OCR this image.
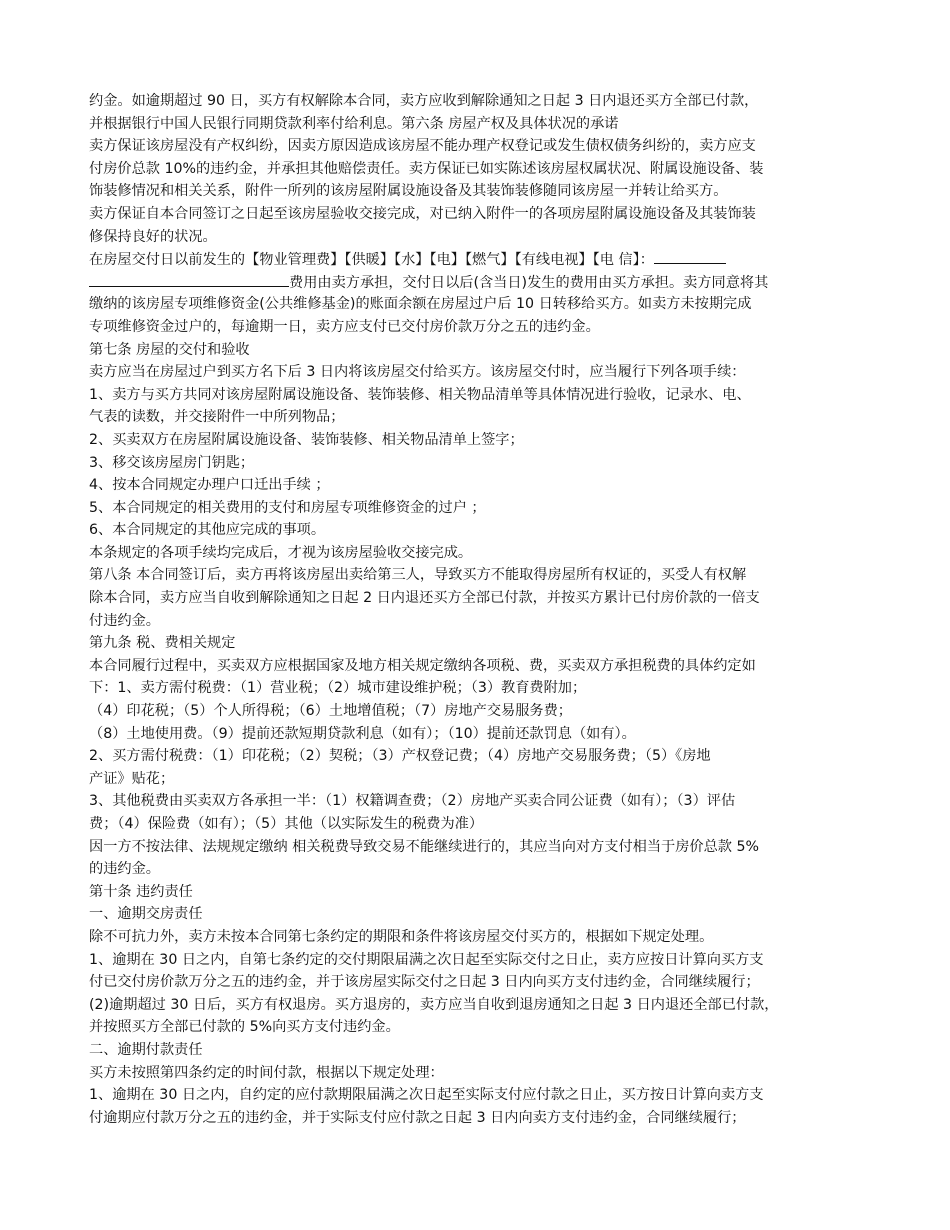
约金。如逾期超过 90 日，买方有权解除本合同，卖方应收到解除通知之日起 3 日内退还买方全部已付款，
并根据银行中国人民银行同期贷款利率付给利息。第六条 房屋产权及具体状况的承诺
卖方保证该房屋没有产权纠纷，因卖方原因造成该房屋不能办理产权登记或发生债权债务纠纷的，卖方应支
付房价总款 10%的违约金，并承担其他赔偿责任。卖方保证已如实陈述该房屋权属状况、附属设施设备、装
饰装修情况和相关关系，附件一所列的该房屋附属设施设备及其装饰装修随同该房屋一并转让给买方。
卖方保证自本合同签订之日起至该房屋验收交接完成，对已纳入附件一的各项房屋附属设施设备及其装饰装
修保持良好的状况。
在房屋交付日以前发生的【物业管理费】【供暖】【水】【电】【燃气】【有线电视】【电 信】：
费用由卖方承担，交付日以后(含当日)发生的费用由买方承担。卖方同意将其
缴纳的该房屋专项维修资金(公共维修基金)的账面余额在房屋过户后 10 日转移给买方。如卖方未按期完成
专项维修资金过户的，每逾期一日，卖方应支付已交付房价款万分之五的违约金。
第七条 房屋的交付和验收
卖方应当在房屋过户到买方名下后 3 日内将该房屋交付给买方。该房屋交付时，应当履行下列各项手续：
1、卖方与买方共同对该房屋附属设施设备、装饰装修、相关物品清单等具体情况进行验收，记录水、电、
气表的读数，并交接附件一中所列物品；
2、买卖双方在房屋附属设施设备、装饰装修、相关物品清单上签字；
3、移交该房屋房门钥匙；
4、按本合同规定办理户口迁出手续 ；
5、本合同规定的相关费用的支付和房屋专项维修资金的过户 ；
6、本合同规定的其他应完成的事项。
本条规定的各项手续均完成后，才视为该房屋验收交接完成。
第八条 本合同签订后，卖方再将该房屋出卖给第三人，导致买方不能取得房屋所有权证的，买受人有权解
除本合同，卖方应当自收到解除通知之日起 2 日内退还买方全部已付款，并按买方累计已付房价款的一倍支
付违约金。
第九条 税、费相关规定
本合同履行过程中，买卖双方应根据国家及地方相关规定缴纳各项税、费，买卖双方承担税费的具体约定如
下：1、卖方需付税费：（1）营业税；（2）城市建设维护税；（3）教育费附加；
（4）印花税；（5）个人所得税；（6）土地增值税；（7）房地产交易服务费；
（8）土地使用费。（9）提前还款短期贷款利息（如有）；（10）提前还款罚息（如有）。
2、买方需付税费：（1）印花税；（2）契税；（3）产权登记费；（4）房地产交易服务费；（5）《房地
产证》贴花；
3、其他税费由买卖双方各承担一半：（1）权籍调查费；（2）房地产买卖合同公证费（如有）；（3）评估
费；（4）保险费（如有）；（5）其他（以实际发生的税费为准）
因一方不按法律、法规规定缴纳 相关税费导致交易不能继续进行的，其应当向对方支付相当于房价总款 5%
的违约金。
第十条 违约责任
一、逾期交房责任
除不可抗力外，卖方未按本合同第七条约定的期限和条件将该房屋交付买方的，根据如下规定处理。
1、逾期在 30 日之内，自第七条约定的交付期限届满之次日起至实际交付之日止，卖方应按日计算向买方支
付已交付房价款万分之五的违约金，并于该房屋实际交付之日起 3 日内向买方支付违约金，合同继续履行；
(2)逾期超过 30 日后，买方有权退房。买方退房的，卖方应当自收到退房通知之日起 3 日内退还全部已付款，
并按照买方全部已付款的 5%向买方支付违约金。
二、逾期付款责任
买方未按照第四条约定的时间付款，根据以下规定处理：
1、逾期在 30 日之内，自约定的应付款期限届满之次日起至实际支付应付款之日止，买方按日计算向卖方支
付逾期应付款万分之五的违约金，并于实际支付应付款之日起 3 日内向卖方支付违约金，合同继续履行；
